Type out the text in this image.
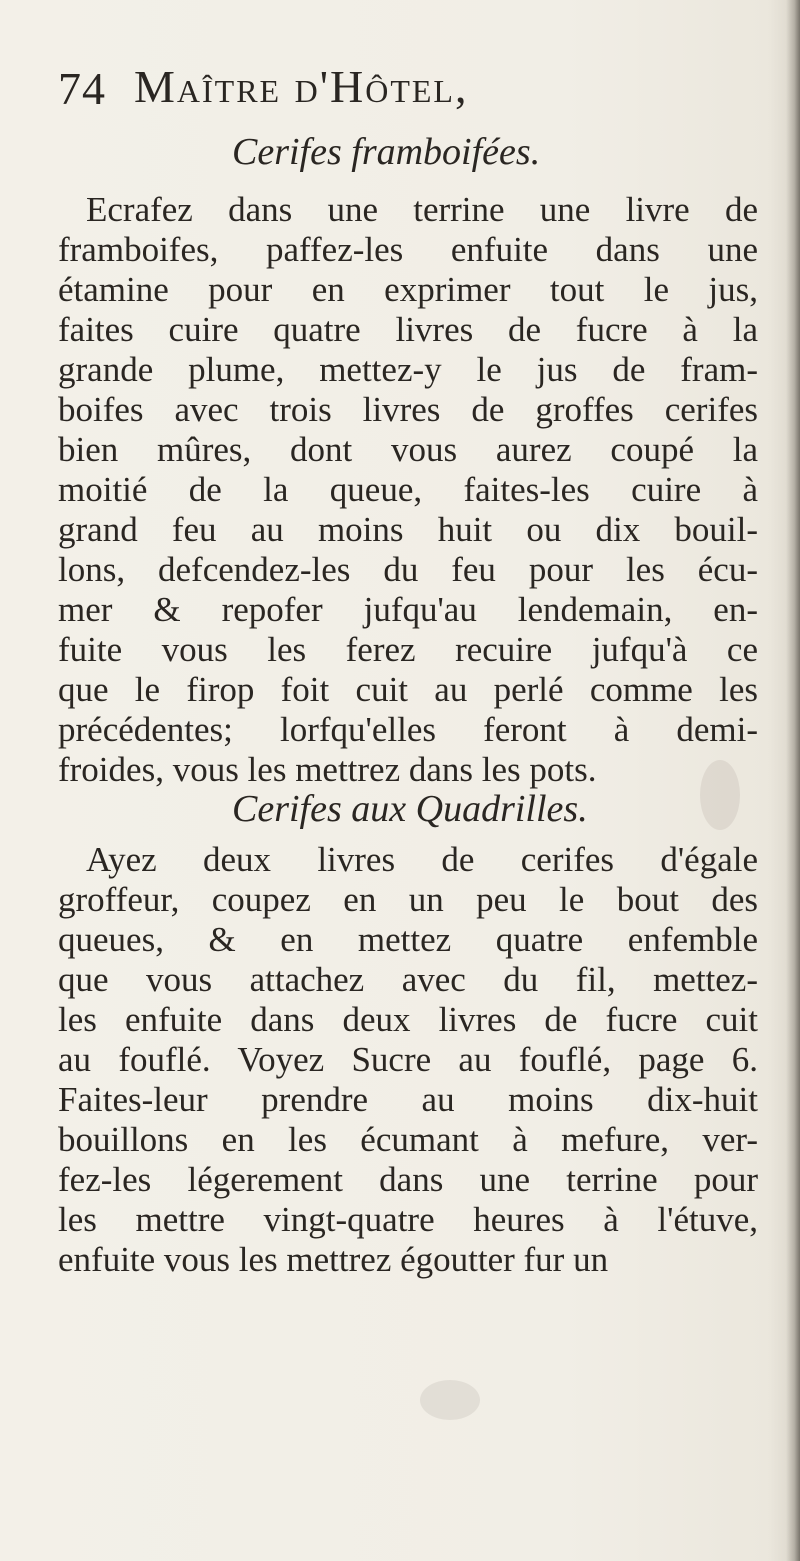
74 Maître d'Hôtel,
Cerifes framboifées.
Ecrafez dans une terrine une livre de
framboifes, paffez-les enfuite dans une
étamine pour en exprimer tout le jus,
faites cuire quatre livres de fucre à la
grande plume, mettez-y le jus de fram-
boifes avec trois livres de groffes cerifes
bien mûres, dont vous aurez coupé la
moitié de la queue, faites-les cuire à
grand feu au moins huit ou dix bouil-
lons, defcendez-les du feu pour les écu-
mer & repofer jufqu'au lendemain, en-
fuite vous les ferez recuire jufqu'à ce
que le firop foit cuit au perlé comme les
précédentes; lorfqu'elles feront à demi-
froides, vous les mettrez dans les pots.
Cerifes aux Quadrilles.
Ayez deux livres de cerifes d'égale
groffeur, coupez en un peu le bout des
queues, & en mettez quatre enfemble
que vous attachez avec du fil, mettez-
les enfuite dans deux livres de fucre cuit
au fouflé. Voyez Sucre au fouflé, page 6.
Faites-leur prendre au moins dix-huit
bouillons en les écumant à mefure, ver-
fez-les légerement dans une terrine pour
les mettre vingt-quatre heures à l'étuve,
enfuite vous les mettrez égoutter fur un
